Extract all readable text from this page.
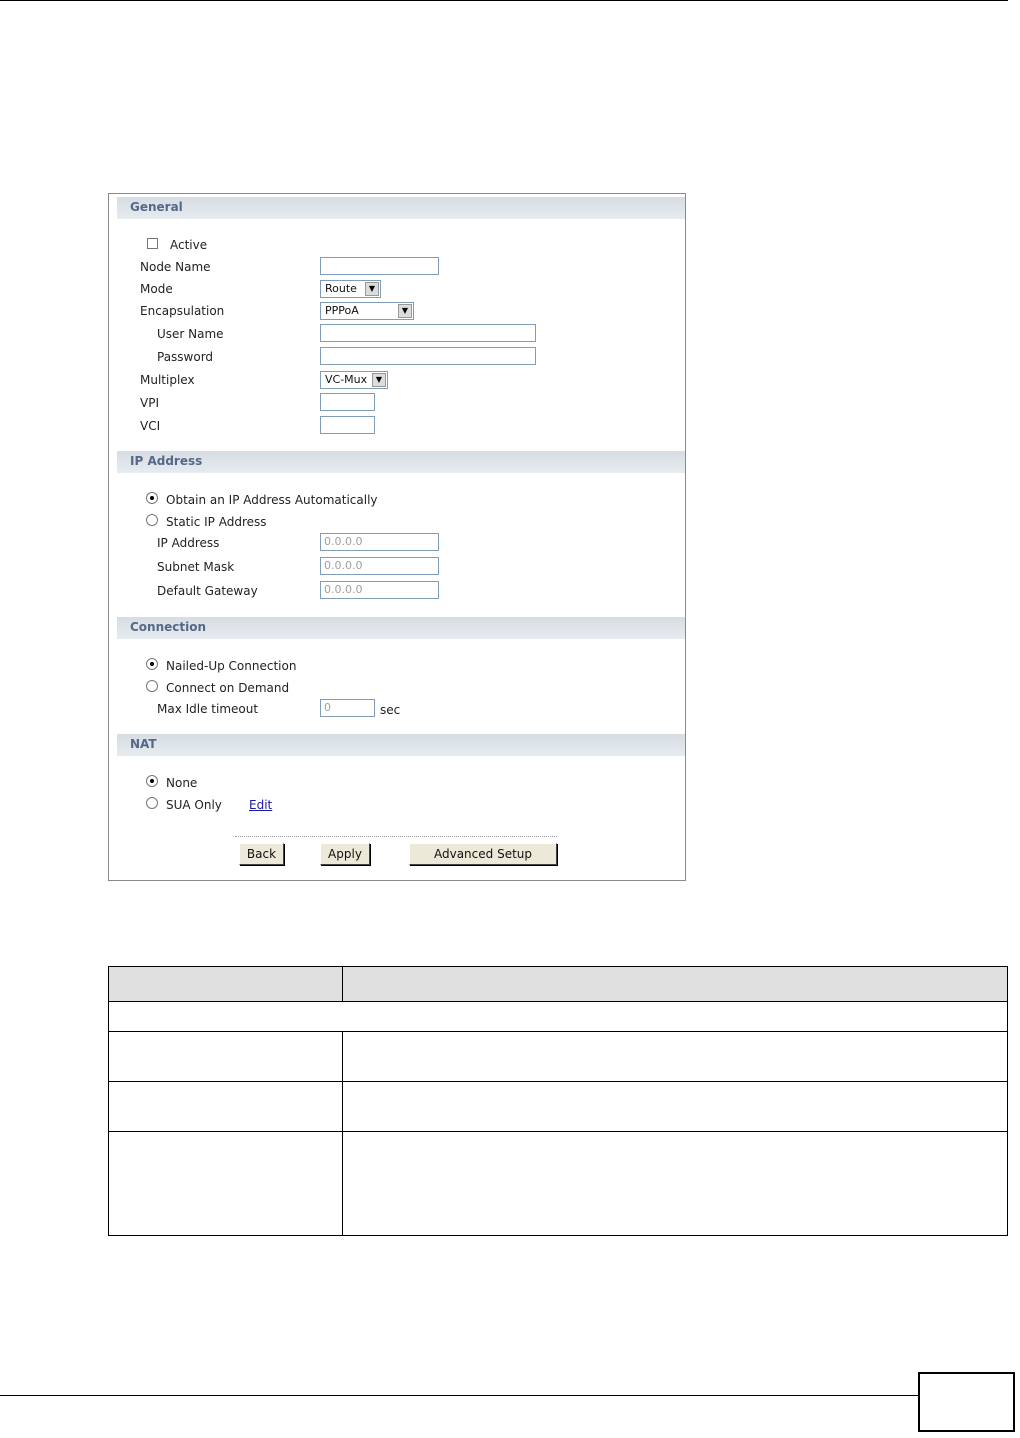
General
Active
Node Name
Mode	Route	▼
Encapsulation	PPPoA	▼
User Name
Password
Multiplex	VC-Mux	▼
VPI
VCI
IP Address
Obtain an IP Address Automatically
Static IP Address
IP Address	0.0.0.0
Subnet Mask	0.0.0.0
Default Gateway	0.0.0.0
Connection
Nailed-Up Connection
Connect on Demand
Max Idle timeout	0	sec
NAT
None
SUA Only Edit
Back	Apply	Advanced Setup
